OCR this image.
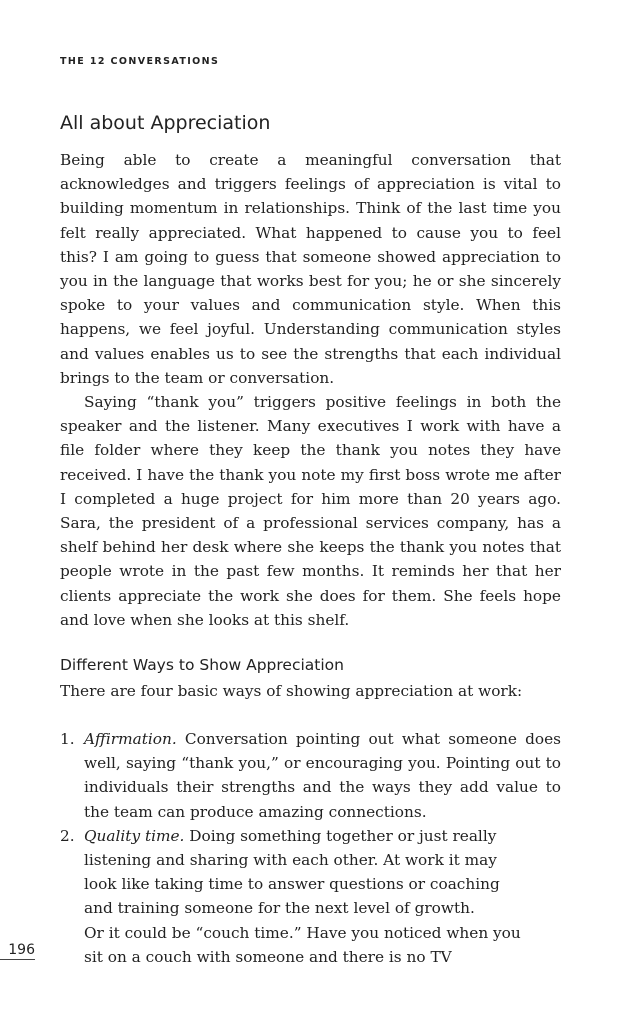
THE 12 CONVERSATIONS
All about Appreciation

Being able to create a meaningful conversation that acknowledges and triggers feelings of appreciation is vital to building momentum in relationships. Think of the last time you felt really appreciated. What happened to cause you to feel this? I am going to guess that someone showed appreciation to you in the language that works best for you; he or she sincerely spoke to your values and communication style. When this happens, we feel joyful. Understanding communication styles and values enables us to see the strengths that each individual brings to the team or conversation.

Saying “thank you” triggers positive feelings in both the speaker and the listener. Many executives I work with have a file folder where they keep the thank you notes they have received. I have the thank you note my first boss wrote me after I completed a huge project for him more than 20 years ago. Sara, the president of a professional services company, has a shelf behind her desk where she keeps the thank you notes that people wrote in the past few months. It reminds her that her clients appreciate the work she does for them. She feels hope and love when she looks at this shelf.

Different Ways to Show Appreciation

There are four basic ways of showing appreciation at work:

1. Affirmation. Conversation pointing out what someone does well, saying “thank you,” or encouraging you. Pointing out to individuals their strengths and the ways they add value to the team can produce amazing connections.
2. Quality time. Doing something together or just really listening and sharing with each other. At work it may look like taking time to answer questions or coaching and training someone for the next level of growth.
Or it could be “couch time.” Have you noticed when you sit on a couch with someone and there is no TV
196
